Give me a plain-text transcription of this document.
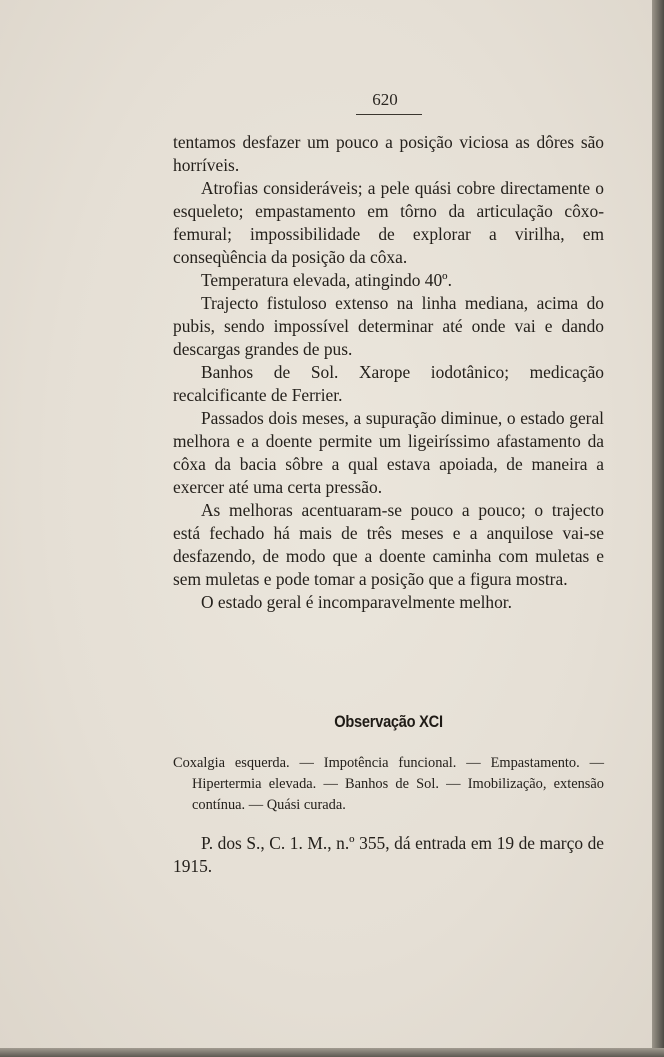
620

tentamos desfazer um pouco a posição viciosa as dôres são horríveis.

Atrofias consideráveis; a pele quási cobre directamente o esqueleto; empastamento em tôrno da articulação côxo-femural; impossibilidade de explorar a virilha, em conseqùência da posição da côxa.

Temperatura elevada, atingindo 40º.

Trajecto fistuloso extenso na linha mediana, acima do pubis, sendo impossível determinar até onde vai e dando descargas grandes de pus.

Banhos de Sol. Xarope iodotânico; medicação recalcificante de Ferrier.

Passados dois meses, a supuração diminue, o estado geral melhora e a doente permite um ligeiríssimo afastamento da côxa da bacia sôbre a qual estava apoiada, de maneira a exercer até uma certa pressão.

As melhoras acentuaram-se pouco a pouco; o trajecto está fechado há mais de três meses e a anquilose vai-se desfazendo, de modo que a doente caminha com muletas e sem muletas e pode tomar a posição que a figura mostra.

O estado geral é incomparavelmente melhor.

Observação XCI
Coxalgia esquerda. — Impotência funcional. — Empastamento. — Hipertermia elevada. — Banhos de Sol. — Imobilização, extensão contínua. — Quási curada.
P. dos S., C. 1. M., n.º 355, dá entrada em 19 de março de 1915.
